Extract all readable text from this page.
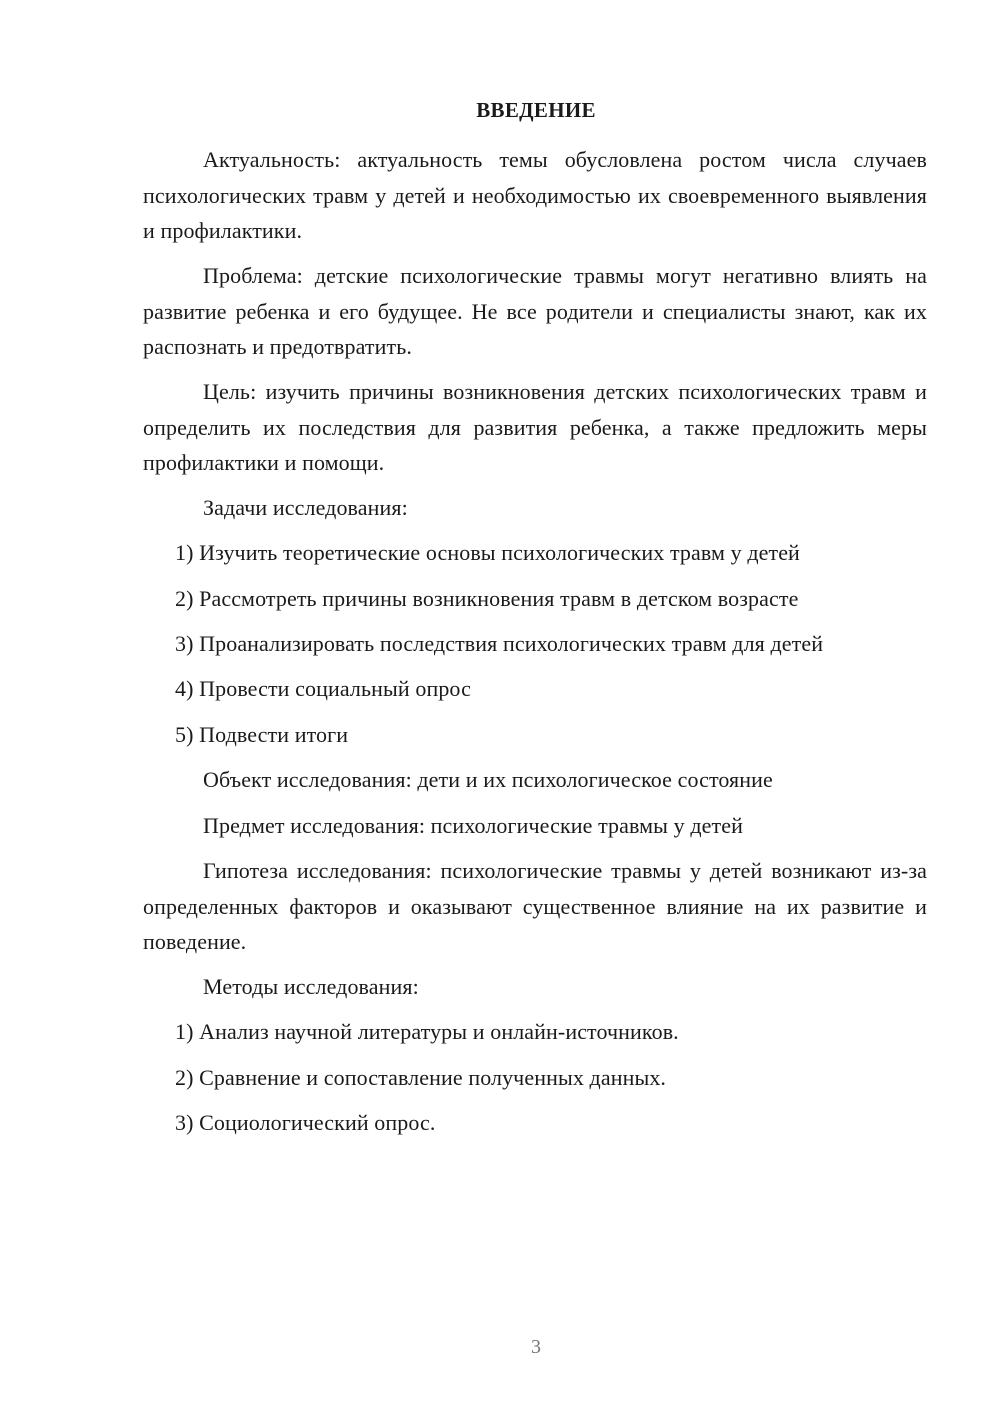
ВВЕДЕНИЕ

Актуальность: актуальность темы обусловлена ростом числа случаев психологических травм у детей и необходимостью их своевременного выявления и профилактики.

Проблема: детские психологические травмы могут негативно влиять на развитие ребенка и его будущее. Не все родители и специалисты знают, как их распознать и предотвратить.

Цель: изучить причины возникновения детских психологических травм и определить их последствия для развития ребенка, а также предложить меры профилактики и помощи.

Задачи исследования:

1) Изучить теоретические основы психологических травм у детей

2) Рассмотреть причины возникновения травм в детском возрасте

3) Проанализировать последствия психологических травм для детей

4) Провести социальный опрос

5) Подвести итоги

Объект исследования: дети и их психологическое состояние

Предмет исследования: психологические травмы у детей

Гипотеза исследования: психологические травмы у детей возникают из-за определенных факторов и оказывают существенное влияние на их развитие и поведение.

Методы исследования:

1) Анализ научной литературы и онлайн-источников.

2) Сравнение и сопоставление полученных данных.

3) Социологический опрос.

3
